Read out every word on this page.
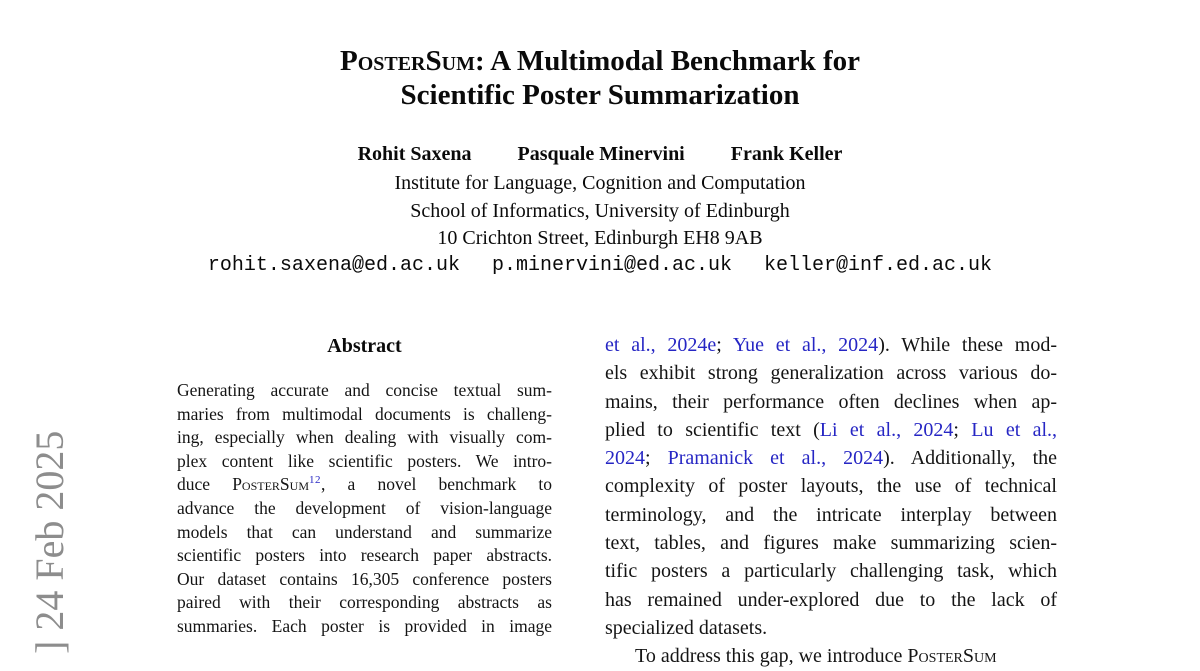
] 24 Feb 2025
PosterSum: A Multimodal Benchmark for
Scientific Poster Summarization
Rohit Saxena Pasquale Minervini Frank Keller
Institute for Language, Cognition and Computation
School of Informatics, University of Edinburgh
10 Crichton Street, Edinburgh EH8 9AB
rohit.saxena@ed.ac.uk p.minervini@ed.ac.uk keller@inf.ed.ac.uk
Abstract
Generating accurate and concise textual sum-
maries from multimodal documents is challeng-
ing, especially when dealing with visually com-
plex content like scientific posters. We intro-
duce PosterSum$^{12}$, a novel benchmark to
advance the development of vision-language
models that can understand and summarize
scientific posters into research paper abstracts.
Our dataset contains 16,305 conference posters
paired with their corresponding abstracts as
summaries. Each poster is provided in image
et al., 2024e; Yue et al., 2024). While these mod-
els exhibit strong generalization across various do-
mains, their performance often declines when ap-
plied to scientific text (Li et al., 2024; Lu et al.,
2024; Pramanick et al., 2024). Additionally, the
complexity of poster layouts, the use of technical
terminology, and the intricate interplay between
text, tables, and figures make summarizing scien-
tific posters a particularly challenging task, which
has remained under-explored due to the lack of
specialized datasets.
To address this gap, we introduce PosterSum
